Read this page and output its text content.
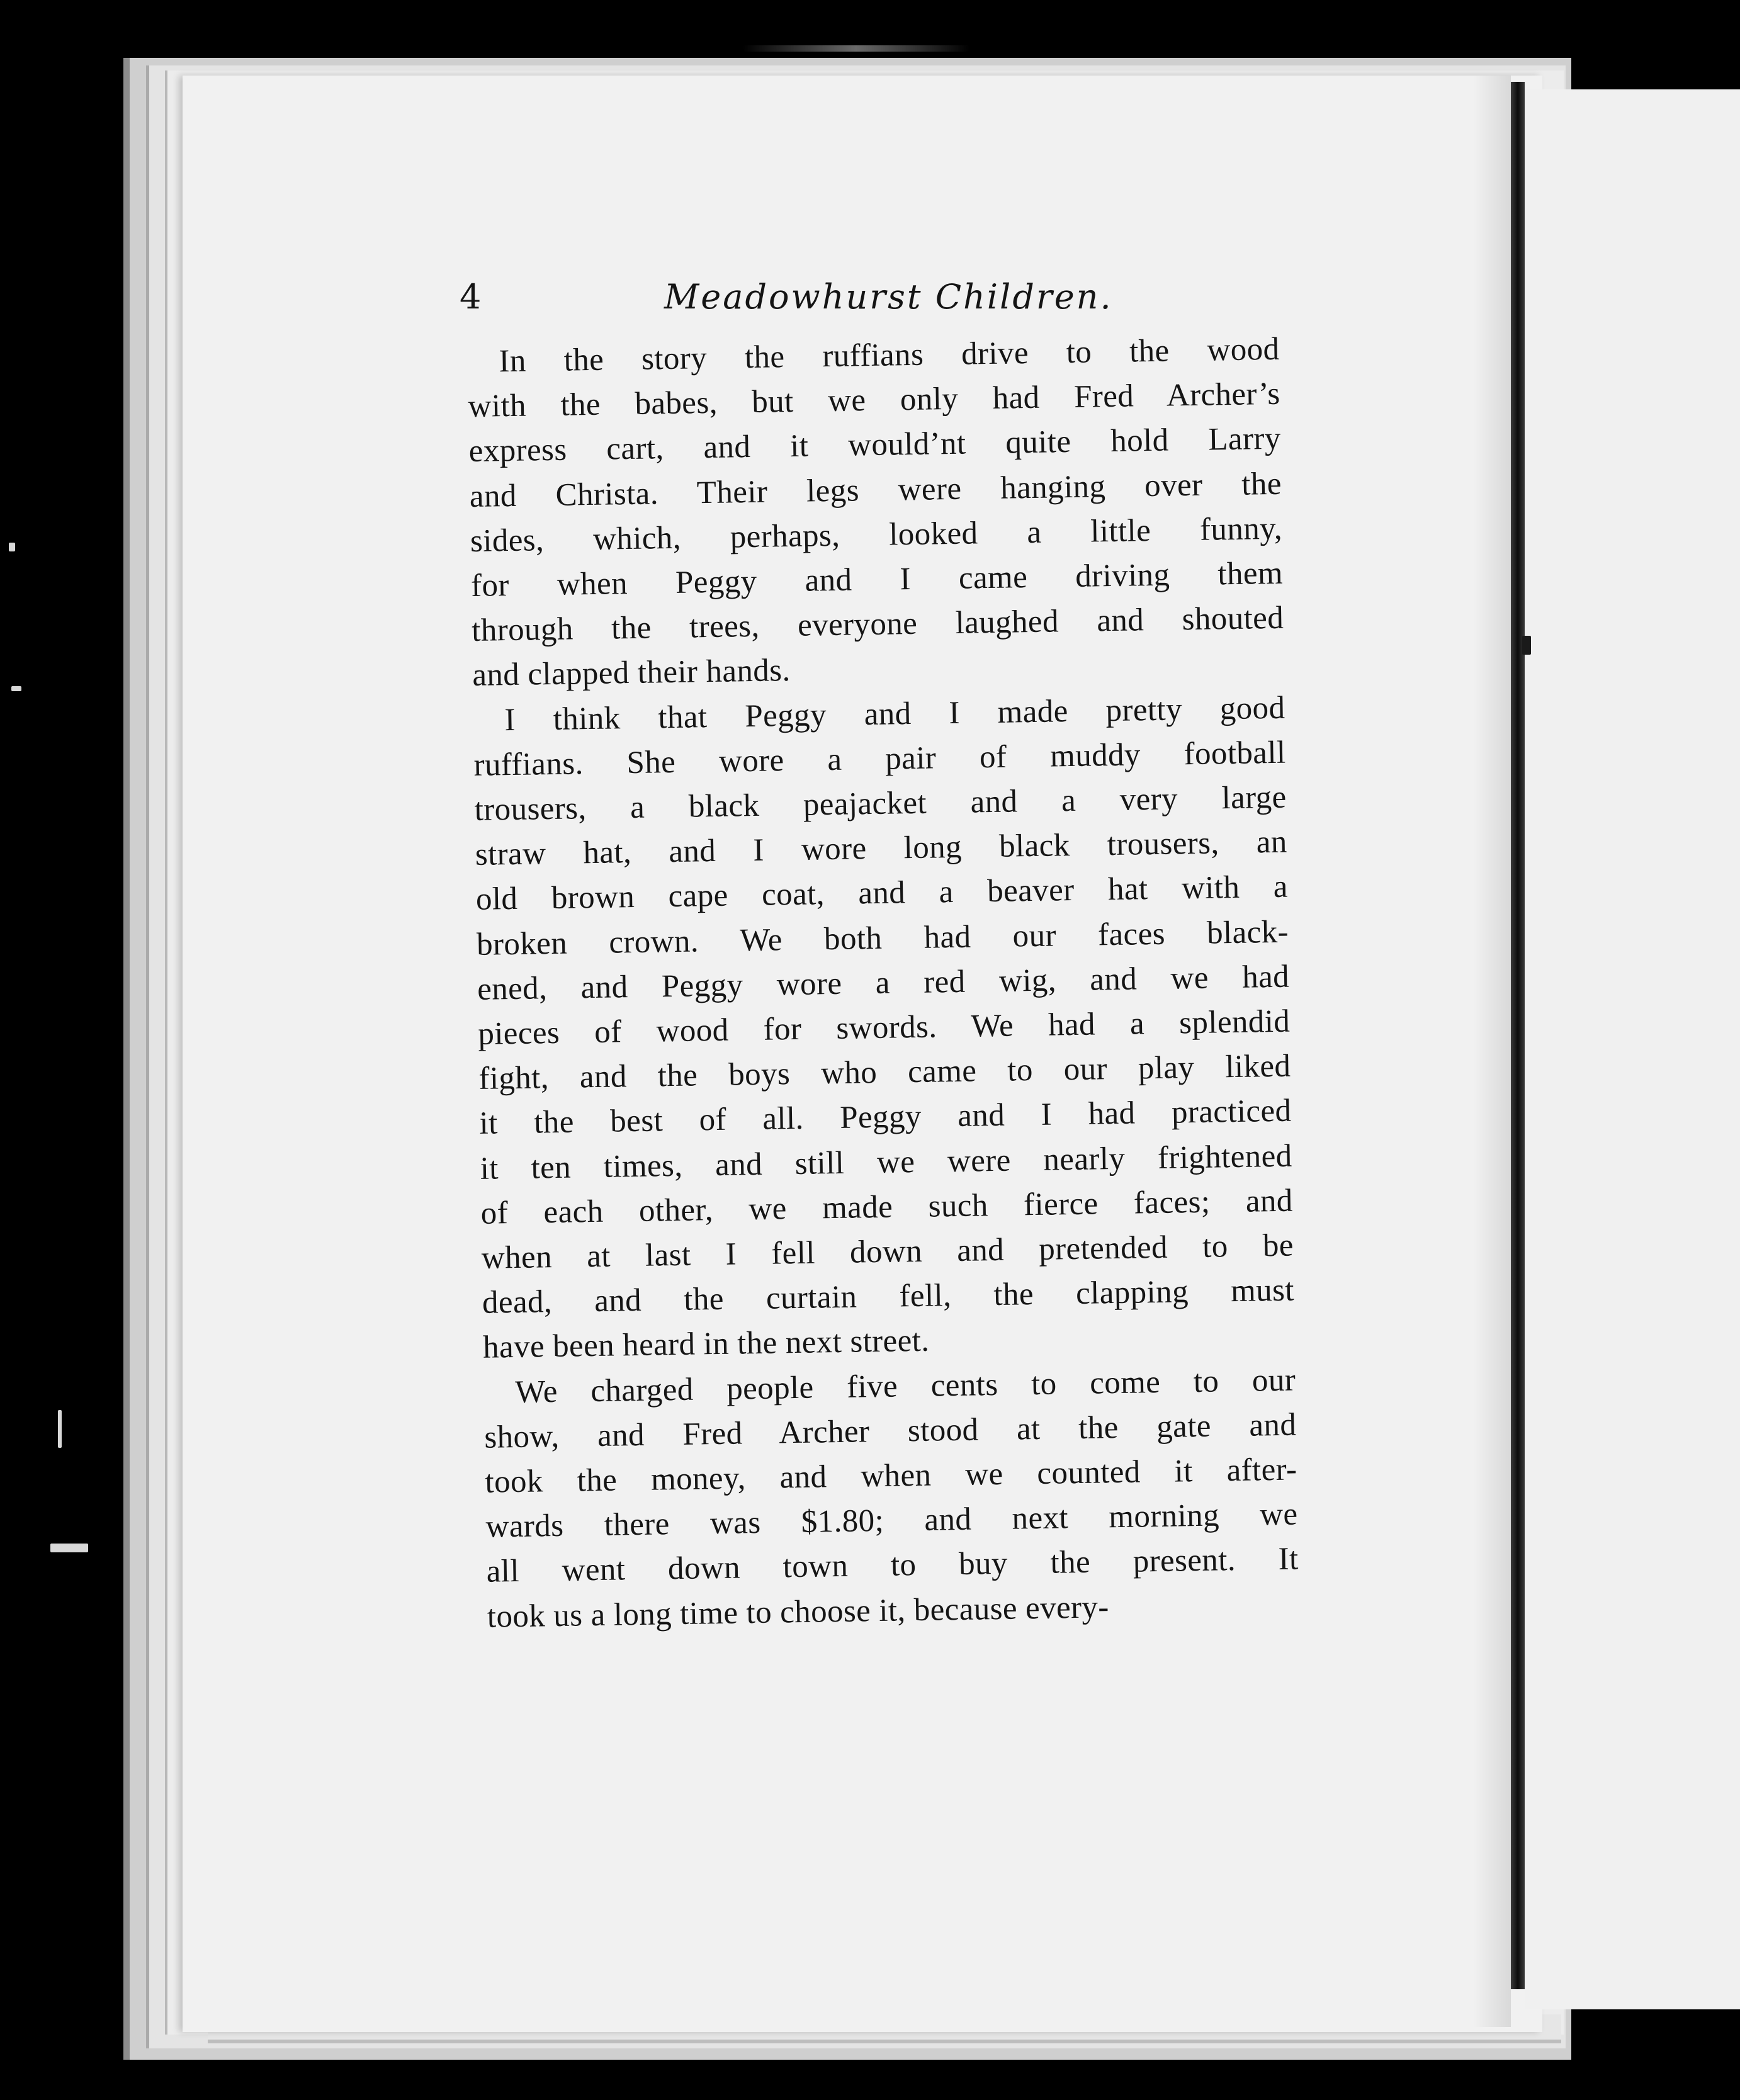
4	Meadowhurst Children.
In the story the ruffians drive to the wood
with the babes, but we only had Fred Archer’s
express cart, and it would’nt quite hold Larry
and Christa. Their legs were hanging over the
sides, which, perhaps, looked a little funny,
for when Peggy and I came driving them
through the trees, everyone laughed and shouted
and clapped their hands.
I think that Peggy and I made pretty good
ruffians. She wore a pair of muddy football
trousers, a black peajacket and a very large
straw hat, and I wore long black trousers, an
old brown cape coat, and a beaver hat with a
broken crown. We both had our faces black-
ened, and Peggy wore a red wig, and we had
pieces of wood for swords. We had a splendid
fight, and the boys who came to our play liked
it the best of all. Peggy and I had practiced
it ten times, and still we were nearly frightened
of each other, we made such fierce faces; and
when at last I fell down and pretended to be
dead, and the curtain fell, the clapping must
have been heard in the next street.
We charged people five cents to come to our
show, and Fred Archer stood at the gate and
took the money, and when we counted it after-
wards there was $1.80; and next morning we
all went down town to buy the present. It
took us a long time to choose it, because every-
